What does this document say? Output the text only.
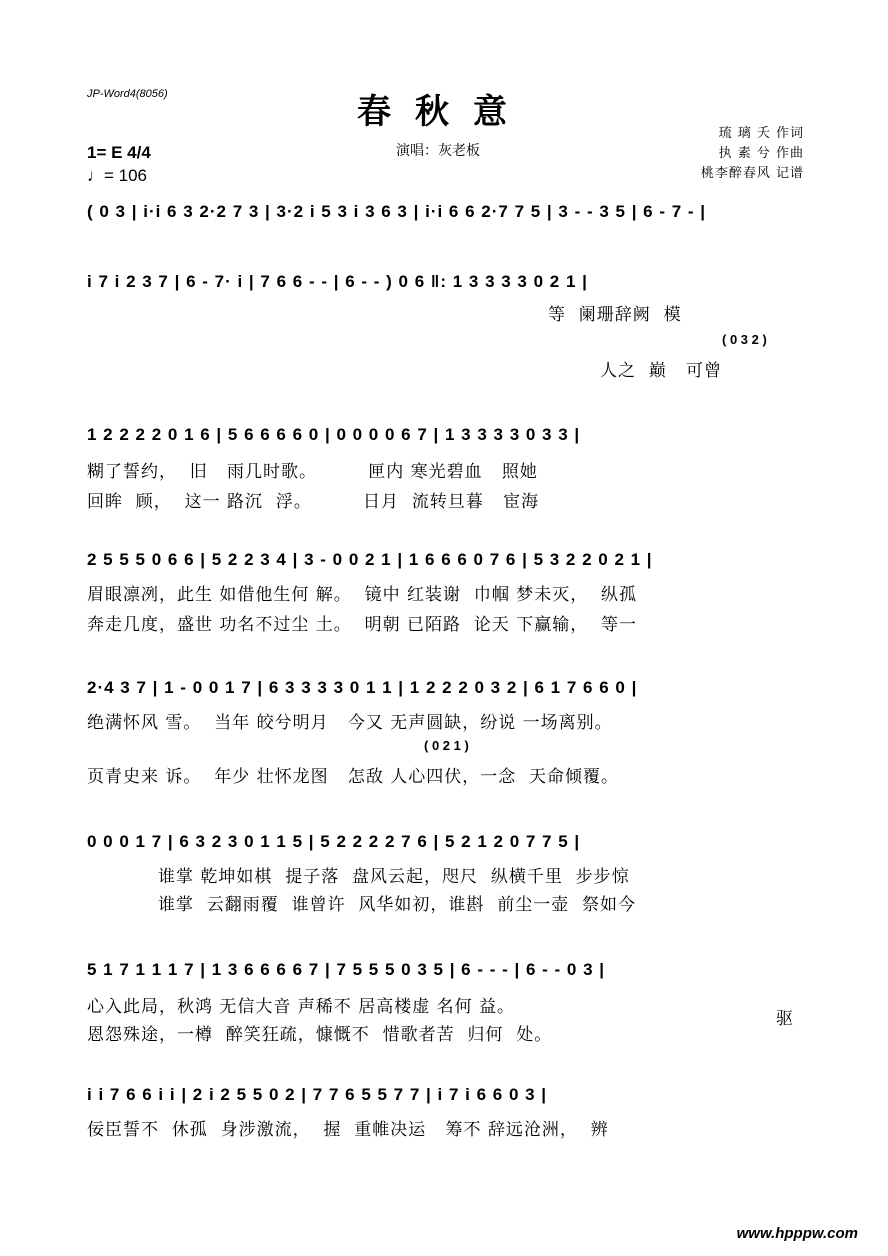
JP-Word4(8056)	春秋意
琉 璃 夭 作词
执 素 兮 作曲
桃李醉春风 记谱
1= E 4/4
♩= 106
演唱：灰老板
( 0 3 | i·i 6 3 2·2 7 3 | 3·2 i 5 3 i 3 6 3 | i·i 6 6 2·7 7 5 | 3 - - 3 5 | 6 - 7 - |
i 7 i 2 3 7 | 6 - 7· i | 7 6 6 - - | 6 - - ) 0 6 ‖: 1 3 3 3 3 0 2 1 |
等  阑珊辞阙  模
( 0 3 2 )
人之  巅   可曾
1 2 2 2 2 0 1 6 | 5 6 6 6 6 0 | 0 0 0 0 6 7 | 1 3 3 3 3 0 3 3 |
糊了誓约，  旧   雨几时歌。        匣内 寒光碧血   照她
回眸  顾，  这一 路沉  浮。        日月  流转旦暮   宦海
2 5 5 5 0 6 6 | 5 2 2 3 4 | 3 - 0 0 2 1 | 1 6 6 6 0 7 6 | 5 3 2 2 0 2 1 |
眉眼凛冽，此生 如借他生何 解。  镜中 红装谢  巾帼 梦未灭，  纵孤
奔走几度，盛世 功名不过尘 土。  明朝 已陌路  论天 下赢输，  等一
2·4 3 7 | 1 - 0 0 1 7 | 6 3 3 3 3 0 1 1 | 1 2 2 2 0 3 2 | 6 1 7 6 6 0 |
绝满怀风 雪。  当年 皎兮明月   今又 无声圆缺，纷说 一场离别。
( 0 2 1 )
页青史来 诉。  年少 壮怀龙图   怎敌 人心四伏，一念  天命倾覆。
0 0 0 1 7 | 6 3 2 3 0 1 1 5 | 5 2 2 2 2 7 6 | 5 2 1 2 0 7 7 5 |
谁掌 乾坤如棋  提子落  盘风云起，咫尺  纵横千里  步步惊
谁掌  云翻雨覆  谁曾许  风华如初，谁斟  前尘一壶  祭如今
5 1 7 1 1 1 7 | 1 3 6 6 6 6 7 | 7 5 5 5 0 3 5 | 6 - - - | 6 - - 0 3 |
心入此局，秋鸿 无信大音 声稀不 居高楼虚 名何 益。
恩怨殊途，一樽  醉笑狂疏，慷慨不  惜歌者苦  归何  处。
驱
i i 7 6 6 i i | 2 i 2 5 5 0 2 | 7 7 6 5 5 7 7 | i 7 i 6 6 0 3 |
佞臣誓不  休孤  身涉激流，  握  重帷决运   筹不 辞远沧洲，  辨
www.hpppw.com
